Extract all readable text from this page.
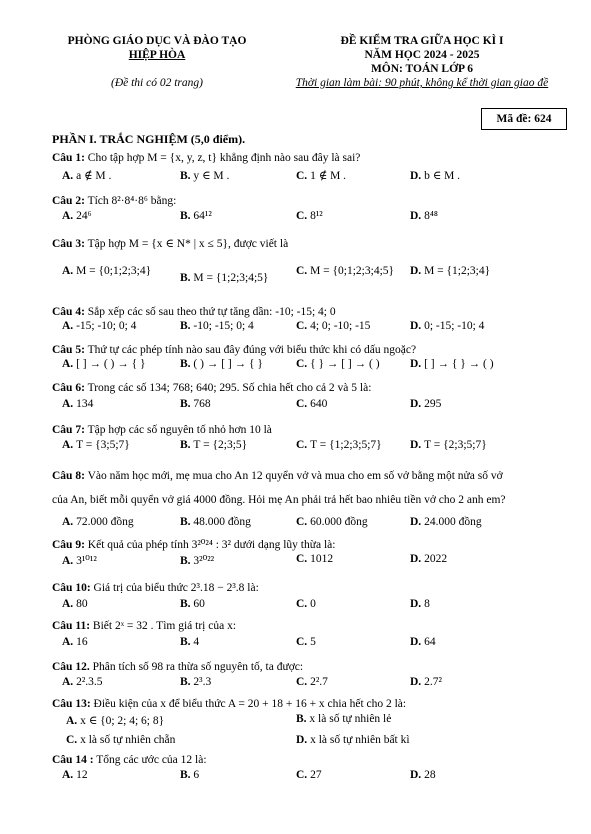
PHÒNG GIÁO DỤC VÀ ĐÀO TẠO
HIỆP HÒA
(Đề thi có 02 trang)
ĐỀ KIỂM TRA GIỮA HỌC KÌ I
NĂM HỌC 2024 - 2025
MÔN: TOÁN LỚP 6
Thời gian làm bài: 90 phút, không kể thời gian giao đề
Mã đề: 624
PHẦN I. TRẮC NGHIỆM (5,0 điểm).
Câu 1: Cho tập hợp M = {x, y, z, t} khẳng định nào sau đây là sai?
A. a ∉ M .	B. y ∈ M .	C. 1 ∉ M .	D. b ∈ M .
Câu 2: Tích 8²·8⁴·8⁶ bằng:
A. 24⁶	B. 64¹²	C. 8¹²	D. 8⁴⁸
Câu 3: Tập hợp M = {x ∈ N* | x ≤ 5}, được viết là
A. M = {0;1;2;3;4}
B. M = {1;2;3;4;5}
C. M = {0;1;2;3;4;5} D. M = {1;2;3;4}
Câu 4: Sắp xếp các số sau theo thứ tự tăng dần: -10; -15; 4; 0
A. -15; -10; 0; 4	B. -10; -15; 0; 4	C. 4; 0; -10; -15	D. 0; -15; -10; 4
Câu 5: Thứ tự các phép tính nào sau đây đúng với biểu thức khi có dấu ngoặc?
A. [ ] → ( ) → { }	B. ( ) → [ ] → { }	C. { } → [ ] → ( )	D. [ ] → { } → ( )
Câu 6: Trong các số 134; 768; 640; 295. Số chia hết cho cả 2 và 5 là:
A. 134	B. 768	C. 640	D. 295
Câu 7: Tập hợp các số nguyên tố nhỏ hơn 10 là
A. T = {3;5;7}	B. T = {2;3;5}	C. T = {1;2;3;5;7} D. T = {2;3;5;7}
Câu 8: Vào năm học mới, mẹ mua cho An 12 quyển vở và mua cho em số vở bằng một nửa số vở
của An, biết mỗi quyển vở giá 4000 đồng. Hỏi mẹ An phải trả hết bao nhiêu tiền vở cho 2 anh em?
A. 72.000 đồng	B. 48.000 đồng	C. 60.000 đồng	D. 24.000 đồng
Câu 9: Kết quả của phép tính 3²⁰²⁴ : 3² dưới dạng lũy thừa là:
A. 3¹⁰¹²	B. 3²⁰²²	C. 1012	D. 2022
Câu 10: Giá trị của biểu thức 2³.18 − 2³.8 là:
A. 80	B. 60	C. 0	D. 8
Câu 11: Biết 2ˣ = 32 . Tìm giá trị của x:
A. 16	B. 4	C. 5	D. 64
Câu 12. Phân tích số 98 ra thừa số nguyên tố, ta được:
A. 2².3.5	B. 2³.3	C. 2².7	D. 2.7²
Câu 13: Điều kiện của x để biểu thức A = 20 + 18 + 16 + x chia hết cho 2 là:
A. x ∈ {0; 2; 4; 6; 8}	B. x là số tự nhiên lẻ
C. x là số tự nhiên chẵn	D. x là số tự nhiên bất kì
Câu 14 : Tổng các ước của 12 là:
A. 12	B. 6	C. 27	D. 28
